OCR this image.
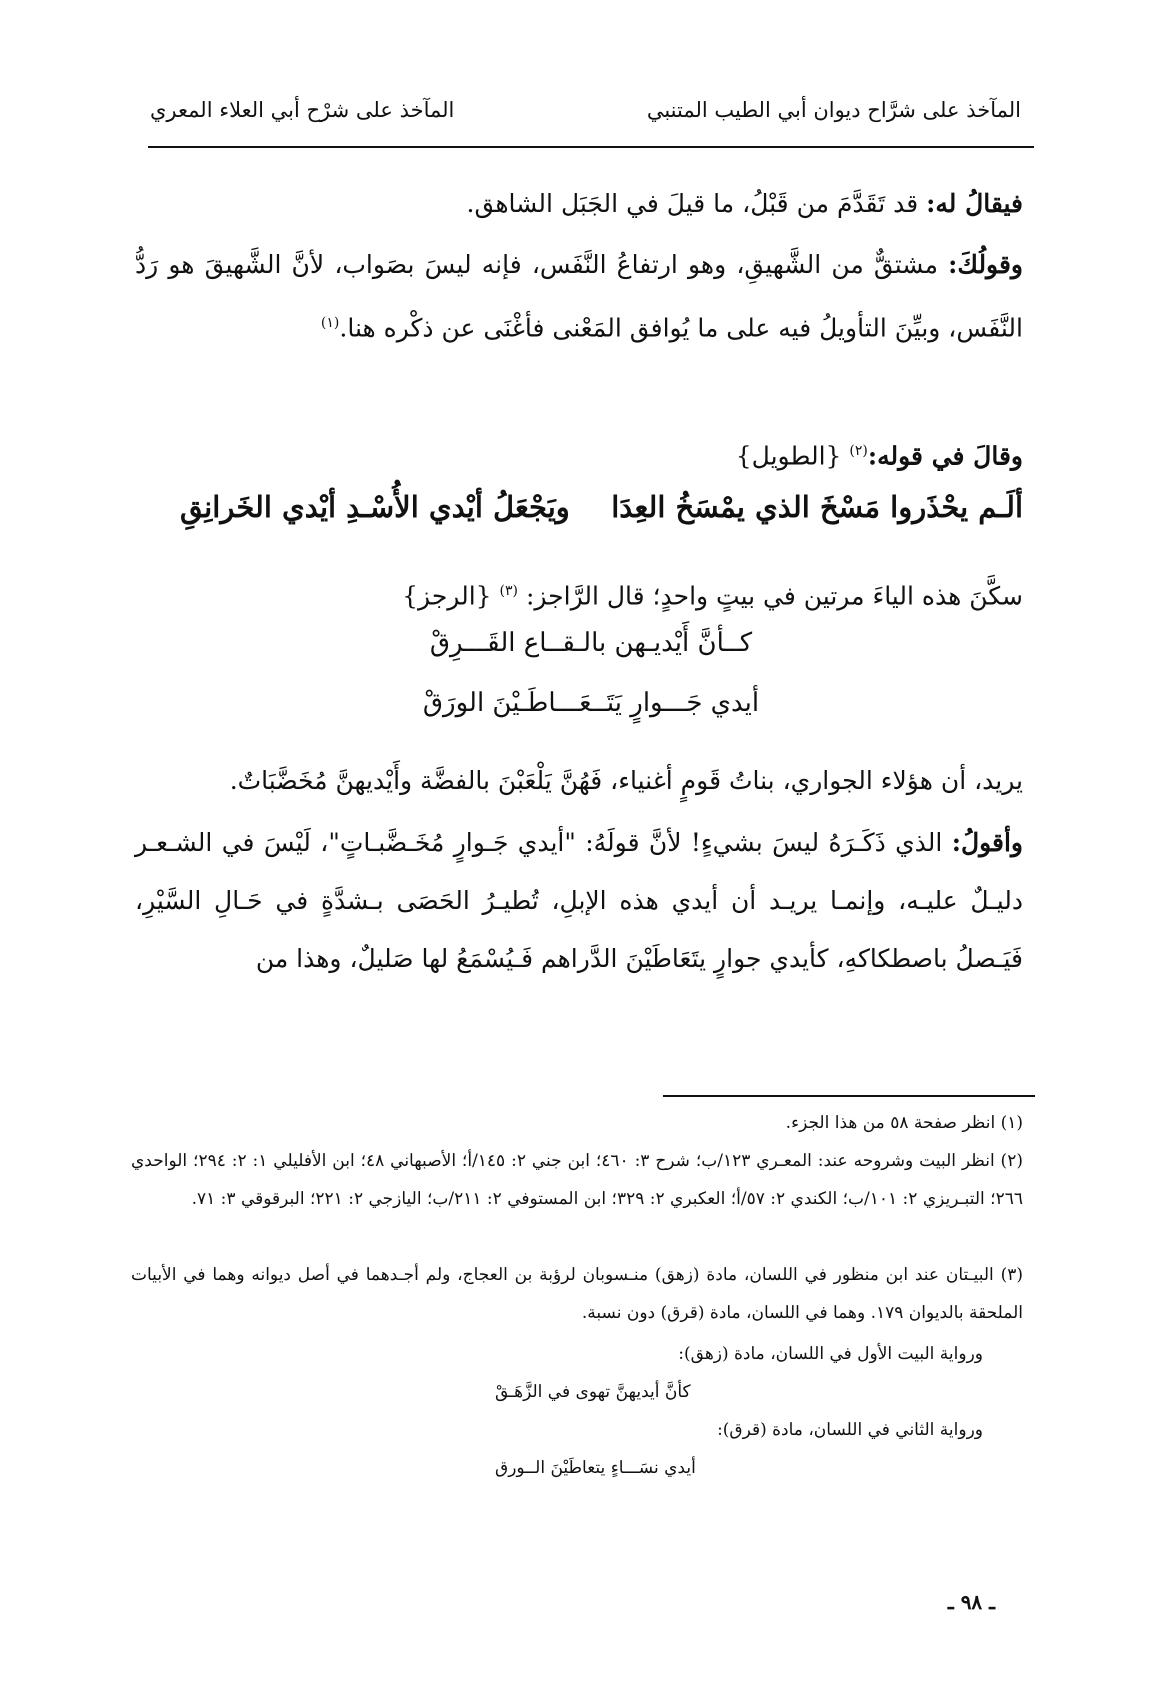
المآخذ على شرَّاح ديوان أبي الطيب المتنبي
المآخذ على شرْح أبي العلاء المعري
فيقالُ له: قد تَقَدَّمَ من قَبْلُ، ما قيلَ في الجَبَل الشاهق.
وقولُكَ: مشتقٌّ من الشَّهيقِ، وهو ارتفاعُ النَّفَس، فإنه ليسَ بصَواب، لأنَّ الشَّهيقَ هو رَدُّ النَّفَس، وبيِّنَ التأويلُ فيه على ما يُوافق المَعْنى فأغْنَى عن ذكْره هنا.$^{(١)}$
وقالَ في قوله:$^{(٢)}$ {الطويل}
ألَـم يحْذَروا مَسْخَ الذي يمْسَخُ العِدَا
ويَجْعَلُ أيْدي الأُسْـدِ أيْدي الخَرانِقِ
سكَّنَ هذه الياءَ مرتين في بيتٍ واحدٍ؛ قال الرَّاجز: $^{(٣)}$ {الرجز}
كــأنَّ أَيْديـهن بالـقــاع القَـــرِقْ
أيدي جَـــوارٍ يَتَــعَـــاطَـيْنَ الورَقْ
يريد، أن هؤلاء الجواري، بناتُ قَومٍ أغنياء، فَهُنَّ يَلْعَبْنَ بالفضَّة وأَيْديهنَّ مُخَضَّبَاتٌ.
وأقولُ: الذي ذَكَـرَهُ ليسَ بشيءٍ! لأنَّ قولَهُ: "أيدي جَـوارٍ مُخَـضَّبـاتٍ"، لَيْسَ في الشـعـر دليـلٌ عليـه، وإنمـا يريـد أن أيدي هذه الإبلِ، تُطيـرُ الحَصَى بـشدَّةٍ في حَـالِ السَّيْرِ، فَيَـصلُ باصطكاكهِ، كأيدي جوارٍ يتَعَاطَيْنَ الدَّراهم فَـيُسْمَعُ لها صَليلٌ، وهذا من
(١) انظر صفحة ٥٨ من هذا الجزء.
(٢) انظر البيت وشروحه عند: المعـري ١٢٣/ب؛ شرح ٣: ٤٦٠؛ ابن جني ٢: ١٤٥/أ؛ الأصبهاني ٤٨؛ ابن الأفليلي ١: ٢: ٢٩٤؛ الواحدي ٢٦٦؛ التبـريزي ٢: ١٠١/ب؛ الكندي ٢: ٥٧/أ؛ العكبري ٢: ٣٢٩؛ ابن المستوفي ٢: ٢١١/ب؛ اليازجي ٢: ٢٢١؛ البرقوقي ٣: ٧١.
(٣) البيـتان عند ابن منظور في اللسان، مادة (زهق) منـسوبان لرؤبة بن العجاج، ولم أجـدهما في أصل ديوانه وهما في الأبيات الملحقة بالديوان ١٧٩. وهما في اللسان، مادة (قرق) دون نسبة.
ورواية البيت الأول في اللسان، مادة (زهق):
كأنَّ أيديهنَّ تهوى في الزَّهَـقْ
ورواية الثاني في اللسان، مادة (قرق):
أيدي نسَـــاءٍ يتعاطَيْنَ الــورق
ـ ٩٨ ـ
